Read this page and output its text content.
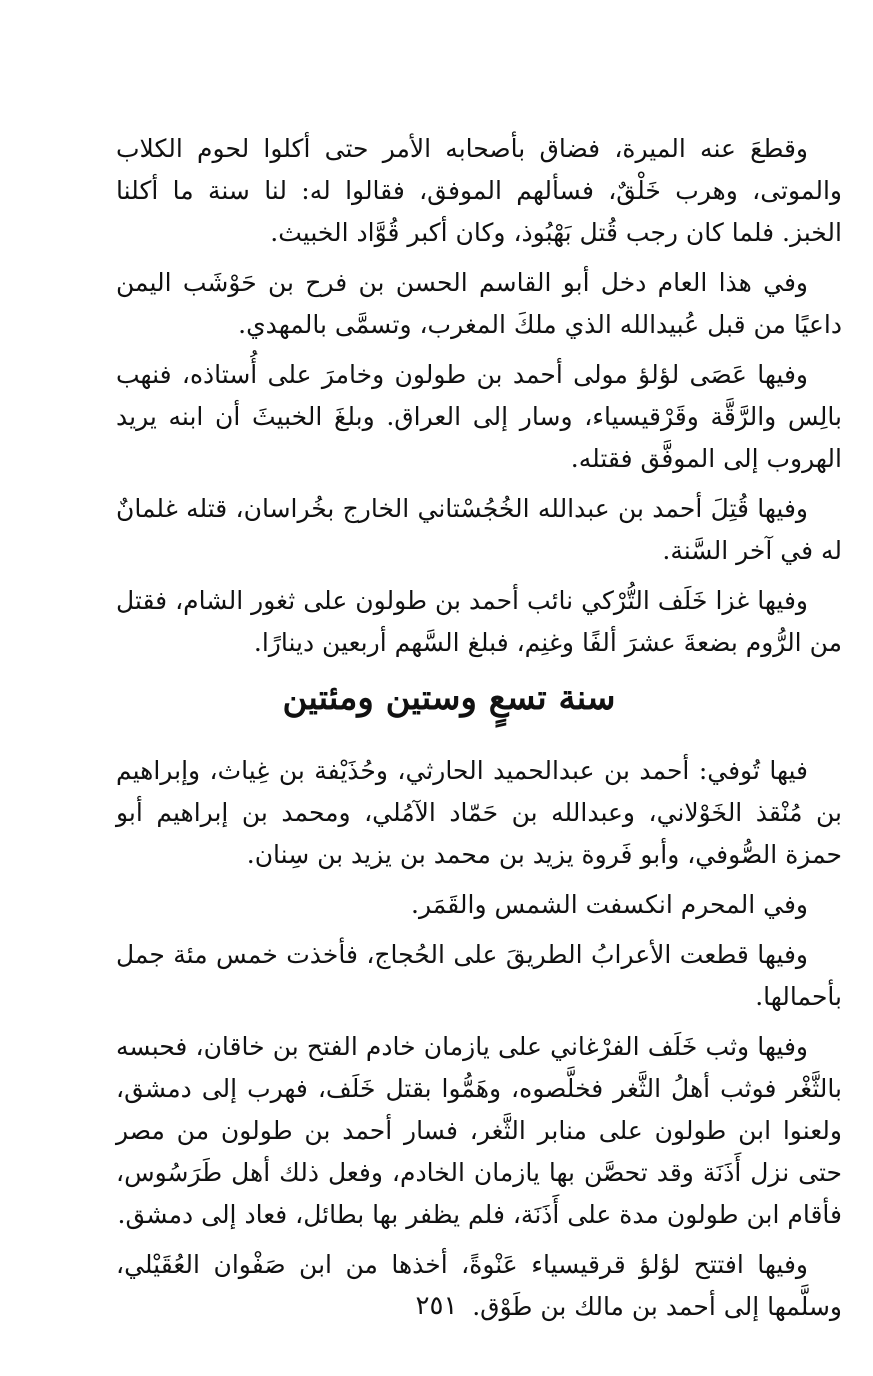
وقطعَ عنه الميرة، فضاق بأصحابه الأمر حتى أكلوا لحوم الكلاب والموتى، وهرب خَلْقٌ، فسألهم الموفق، فقالوا له: لنا سنة ما أكلنا الخبز. فلما كان رجب قُتل بَهْبُوذ، وكان أكبر قُوَّاد الخبيث.

وفي هذا العام دخل أبو القاسم الحسن بن فرح بن حَوْشَب اليمن داعيًا من قبل عُبيدالله الذي ملكَ المغرب، وتسمَّى بالمهدي.

وفيها عَصَى لؤلؤ مولى أحمد بن طولون وخامرَ على أُستاذه، فنهب بالِس والرَّقَّة وقَرْقيسياء، وسار إلى العراق. وبلغَ الخبيثَ أن ابنه يريد الهروب إلى الموفَّق فقتله.

وفيها قُتِلَ أحمد بن عبدالله الخُجُسْتاني الخارج بخُراسان، قتله غلمانٌ له في آخر السَّنة.

وفيها غزا خَلَف التُّرْكي نائب أحمد بن طولون على ثغور الشام، فقتل من الرُّوم بضعةَ عشرَ ألفًا وغنِم، فبلغ السَّهم أربعين دينارًا.

سنة تسعٍ وستين ومئتين

فيها تُوفي: أحمد بن عبدالحميد الحارثي، وحُذَيْفة بن غِياث، وإبراهيم بن مُنْقذ الخَوْلاني، وعبدالله بن حَمّاد الآمُلي، ومحمد بن إبراهيم أبو حمزة الصُّوفي، وأبو فَروة يزيد بن محمد بن يزيد بن سِنان.

وفي المحرم انكسفت الشمس والقَمَر.

وفيها قطعت الأعرابُ الطريقَ على الحُجاج، فأخذت خمس مئة جمل بأحمالها.

وفيها وثب خَلَف الفرْغاني على يازمان خادم الفتح بن خاقان، فحبسه بالثَّغْر فوثب أهلُ الثَّغر فخلَّصوه، وهَمُّوا بقتل خَلَف، فهرب إلى دمشق، ولعنوا ابن طولون على منابر الثَّغر، فسار أحمد بن طولون من مصر حتى نزل أَذَنَة وقد تحصَّن بها يازمان الخادم، وفعل ذلك أهل طَرَسُوس، فأقام ابن طولون مدة على أَذَنَة، فلم يظفر بها بطائل، فعاد إلى دمشق.

وفيها افتتح لؤلؤ قرقيسياء عَنْوةً، أخذها من ابن صَفْوان العُقَيْلي، وسلَّمها إلى أحمد بن مالك بن طَوْق.

٢٥١
